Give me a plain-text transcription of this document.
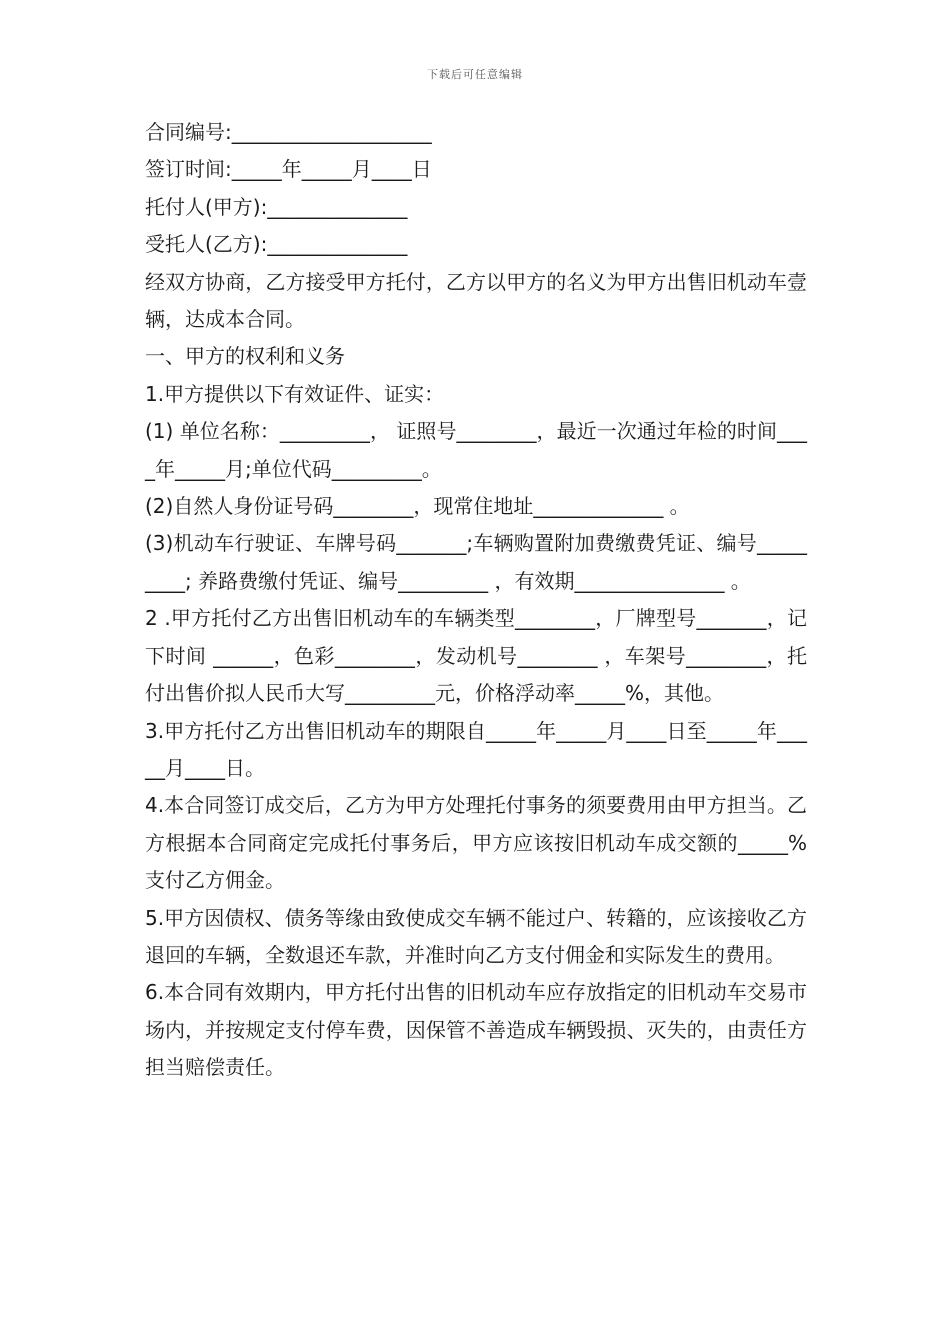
下载后可任意编辑

合同编号:____________________

签订时间:_____年_____月____日

托付人(甲方):______________

受托人(乙方):______________

经双方协商，乙方接受甲方托付，乙方以甲方的名义为甲方出售旧机动车壹辆，达成本合同。

一、甲方的权利和义务

1.甲方提供以下有效证件、证实：

(1) 单位名称：_________， 证照号________，最近一次通过年检的时间____年_____月;单位代码_________。

(2)自然人身份证号码________，现常住地址_____________ 。

(3)机动车行驶证、车牌号码_______;车辆购置附加费缴费凭证、编号_________; 养路费缴付凭证、编号_________ ，有效期_______________ 。

2 .甲方托付乙方出售旧机动车的车辆类型________，厂牌型号_______，记下时间 ______，色彩________，发动机号________ ，车架号________，托付出售价拟人民币大写_________元，价格浮动率_____%，其他。

3.甲方托付乙方出售旧机动车的期限自_____年_____月____日至_____年_____月____日。

4.本合同签订成交后，乙方为甲方处理托付事务的须要费用由甲方担当。乙方根据本合同商定完成托付事务后，甲方应该按旧机动车成交额的_____%支付乙方佣金。

5.甲方因债权、债务等缘由致使成交车辆不能过户、转籍的，应该接收乙方退回的车辆，全数退还车款，并准时向乙方支付佣金和实际发生的费用。

6.本合同有效期内，甲方托付出售的旧机动车应存放指定的旧机动车交易市场内，并按规定支付停车费，因保管不善造成车辆毁损、灭失的，由责任方担当赔偿责任。
